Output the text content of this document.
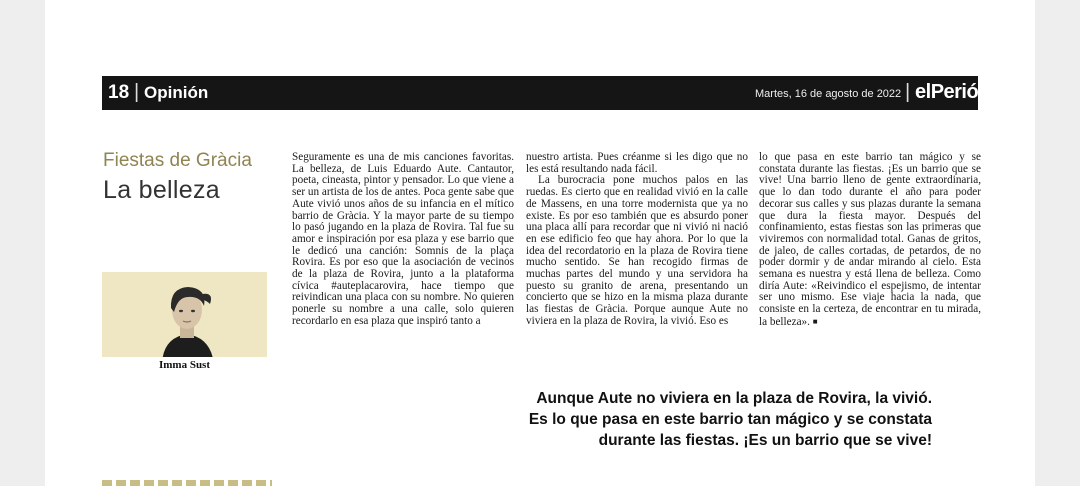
18 | Opinión	Martes, 16 de agosto de 2022 | elPeriódico
Fiestas de Gràcia
La belleza
Imma Sust

Seguramente es una de mis canciones favoritas. La belleza, de Luis Eduardo Aute. Cantautor, poeta, cineasta, pintor y pensador. Lo que viene a ser un artista de los de antes. Poca gente sabe que Aute vivió unos años de su infancia en el mítico barrio de Gràcia. Y la mayor parte de su tiempo lo pasó jugando en la plaza de Rovira. Tal fue su amor e inspiración por esa plaza y ese barrio que le dedicó una canción: Somnis de la plaça Rovira. Es por eso que la asociación de vecinos de la plaza de Rovira, junto a la plataforma cívica #auteplacarovira, hace tiempo que reivindican una placa con su nombre. No quieren ponerle su nombre a una calle, solo quieren recordarlo en esa plaza que inspiró tanto a

nuestro artista. Pues créanme si les digo que no les está resultando nada fácil.

La burocracia pone muchos palos en las ruedas. Es cierto que en realidad vivió en la calle de Massens, en una torre modernista que ya no existe. Es por eso también que es absurdo poner una placa allí para recordar que ni vivió ni nació en ese edificio feo que hay ahora. Por lo que la idea del recordatorio en la plaza de Rovira tiene mucho sentido. Se han recogido firmas de muchas partes del mundo y una servidora ha puesto su granito de arena, presentando un concierto que se hizo en la misma plaza durante las fiestas de Gràcia. Porque aunque Aute no viviera en la plaza de Rovira, la vivió. Eso es

lo que pasa en este barrio tan mágico y se constata durante las fiestas. ¡Es un barrio que se vive! Una barrio lleno de gente extraordinaria, que lo dan todo durante el año para poder decorar sus calles y sus plazas durante la semana que dura la fiesta mayor. Después del confinamiento, estas fiestas son las primeras que viviremos con normalidad total. Ganas de gritos, de jaleo, de calles cortadas, de petardos, de no poder dormir y de andar mirando al cielo. Esta semana es nuestra y está llena de belleza. Como diría Aute: «Reivindico el espejismo, de intentar ser uno mismo. Ese viaje hacia la nada, que consiste en la certeza, de encontrar en tu mirada, la belleza». ■

Aunque Aute no viviera en la plaza de Rovira, la vivió.
Es lo que pasa en este barrio tan mágico y se constata
durante las fiestas. ¡Es un barrio que se vive!
